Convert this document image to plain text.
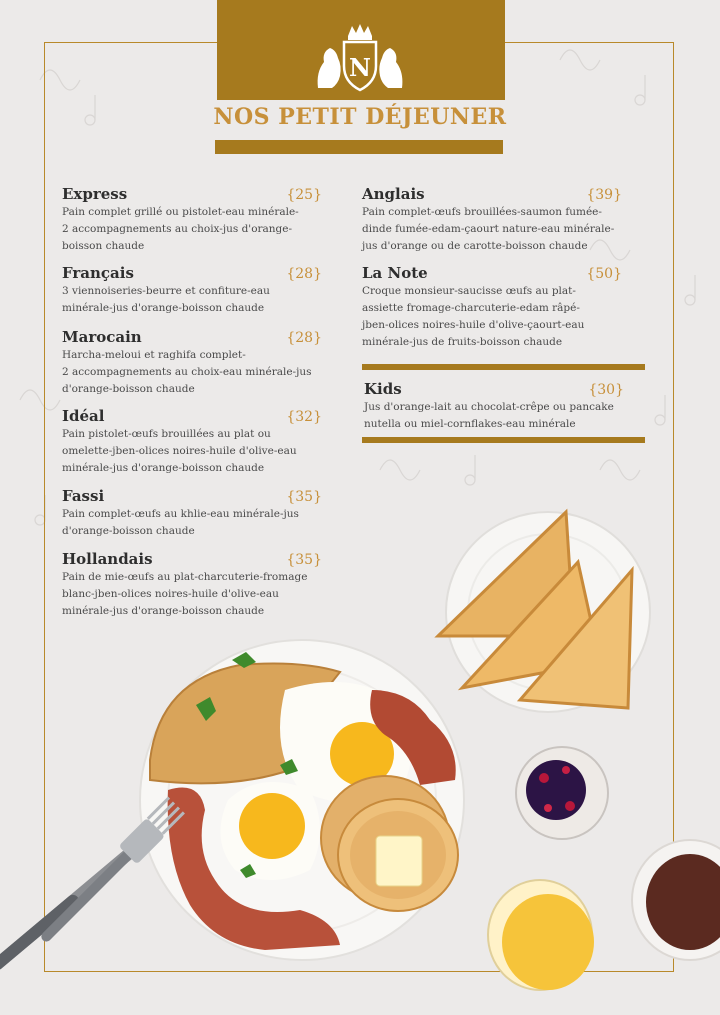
N
NOS PETIT DÉJEUNER
Express	{25}
Pain complet grillé ou pistolet-eau minérale-
2 accompagnements au choix-jus d'orange-
boisson chaude
Français	{28}
3 viennoiseries-beurre et confiture-eau
minérale-jus d'orange-boisson chaude
Marocain	{28}
Harcha-meloui et raghifa complet-
2 accompagnements au choix-eau minérale-jus
d'orange-boisson chaude
Idéal	{32}
Pain pistolet-œufs brouillées au plat ou
omelette-jben-olices noires-huile d'olive-eau
minérale-jus d'orange-boisson chaude
Fassi	{35}
Pain complet-œufs au khlie-eau minérale-jus
d'orange-boisson chaude
Hollandais	{35}
Pain de mie-œufs au plat-charcuterie-fromage
blanc-jben-olices noires-huile d'olive-eau
minérale-jus d'orange-boisson chaude
Anglais	{39}
Pain complet-œufs brouillées-saumon fumée-
dinde fumée-edam-çaourt nature-eau minérale-
jus d'orange ou de carotte-boisson chaude
La Note	{50}
Croque monsieur-saucisse œufs au plat-
assiette fromage-charcuterie-edam râpé-
jben-olices noires-huile d'olive-çaourt-eau
minérale-jus de fruits-boisson chaude
Kids	{30}
Jus d'orange-lait au chocolat-crêpe ou pancake
nutella ou miel-cornflakes-eau minérale
